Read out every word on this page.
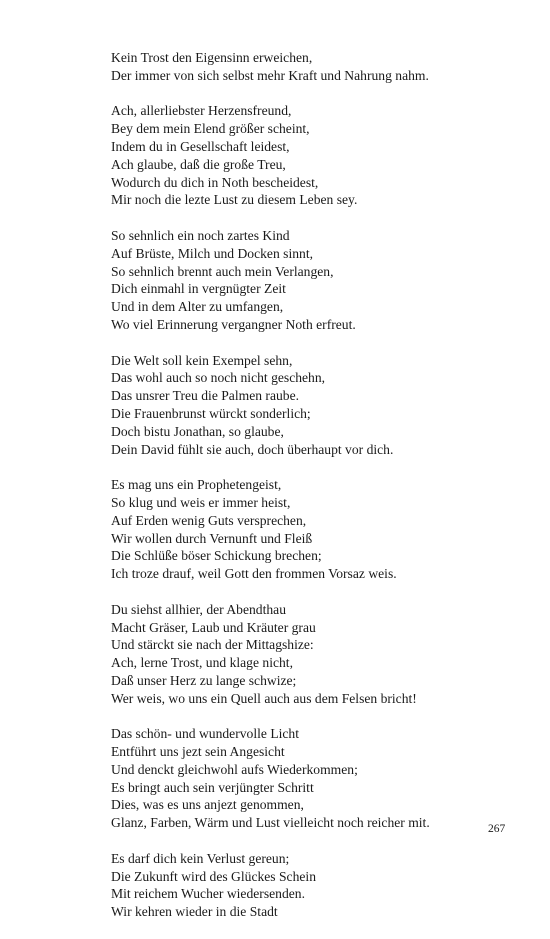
Kein Trost den Eigensinn erweichen,
Der immer von sich selbst mehr Kraft und Nahrung nahm.
Ach, allerliebster Herzensfreund,
Bey dem mein Elend größer scheint,
Indem du in Gesellschaft leidest,
Ach glaube, daß die große Treu,
Wodurch du dich in Noth bescheidest,
Mir noch die lezte Lust zu diesem Leben sey.
So sehnlich ein noch zartes Kind
Auf Brüste, Milch und Docken sinnt,
So sehnlich brennt auch mein Verlangen,
Dich einmahl in vergnügter Zeit
Und in dem Alter zu umfangen,
Wo viel Erinnerung vergangner Noth erfreut.
Die Welt soll kein Exempel sehn,
Das wohl auch so noch nicht geschehn,
Das unsrer Treu die Palmen raube.
Die Frauenbrunst würckt sonderlich;
Doch bistu Jonathan, so glaube,
Dein David fühlt sie auch, doch überhaupt vor dich.
Es mag uns ein Prophetengeist,
So klug und weis er immer heist,
Auf Erden wenig Guts versprechen,
Wir wollen durch Vernunft und Fleiß
Die Schlüße böser Schickung brechen;
Ich troze drauf, weil Gott den frommen Vorsaz weis.
Du siehst allhier, der Abendthau
Macht Gräser, Laub und Kräuter grau
Und stärckt sie nach der Mittagshize:
Ach, lerne Trost, und klage nicht,
Daß unser Herz zu lange schwize;
Wer weis, wo uns ein Quell auch aus dem Felsen bricht!
Das schön- und wundervolle Licht
Entführt uns jezt sein Angesicht
Und denckt gleichwohl aufs Wiederkommen;
Es bringt auch sein verjüngter Schritt
Dies, was es uns anjezt genommen,
Glanz, Farben, Wärm und Lust vielleicht noch reicher mit.
Es darf dich kein Verlust gereun;
Die Zukunft wird des Glückes Schein
Mit reichem Wucher wiedersenden.
Wir kehren wieder in die Stadt
267
